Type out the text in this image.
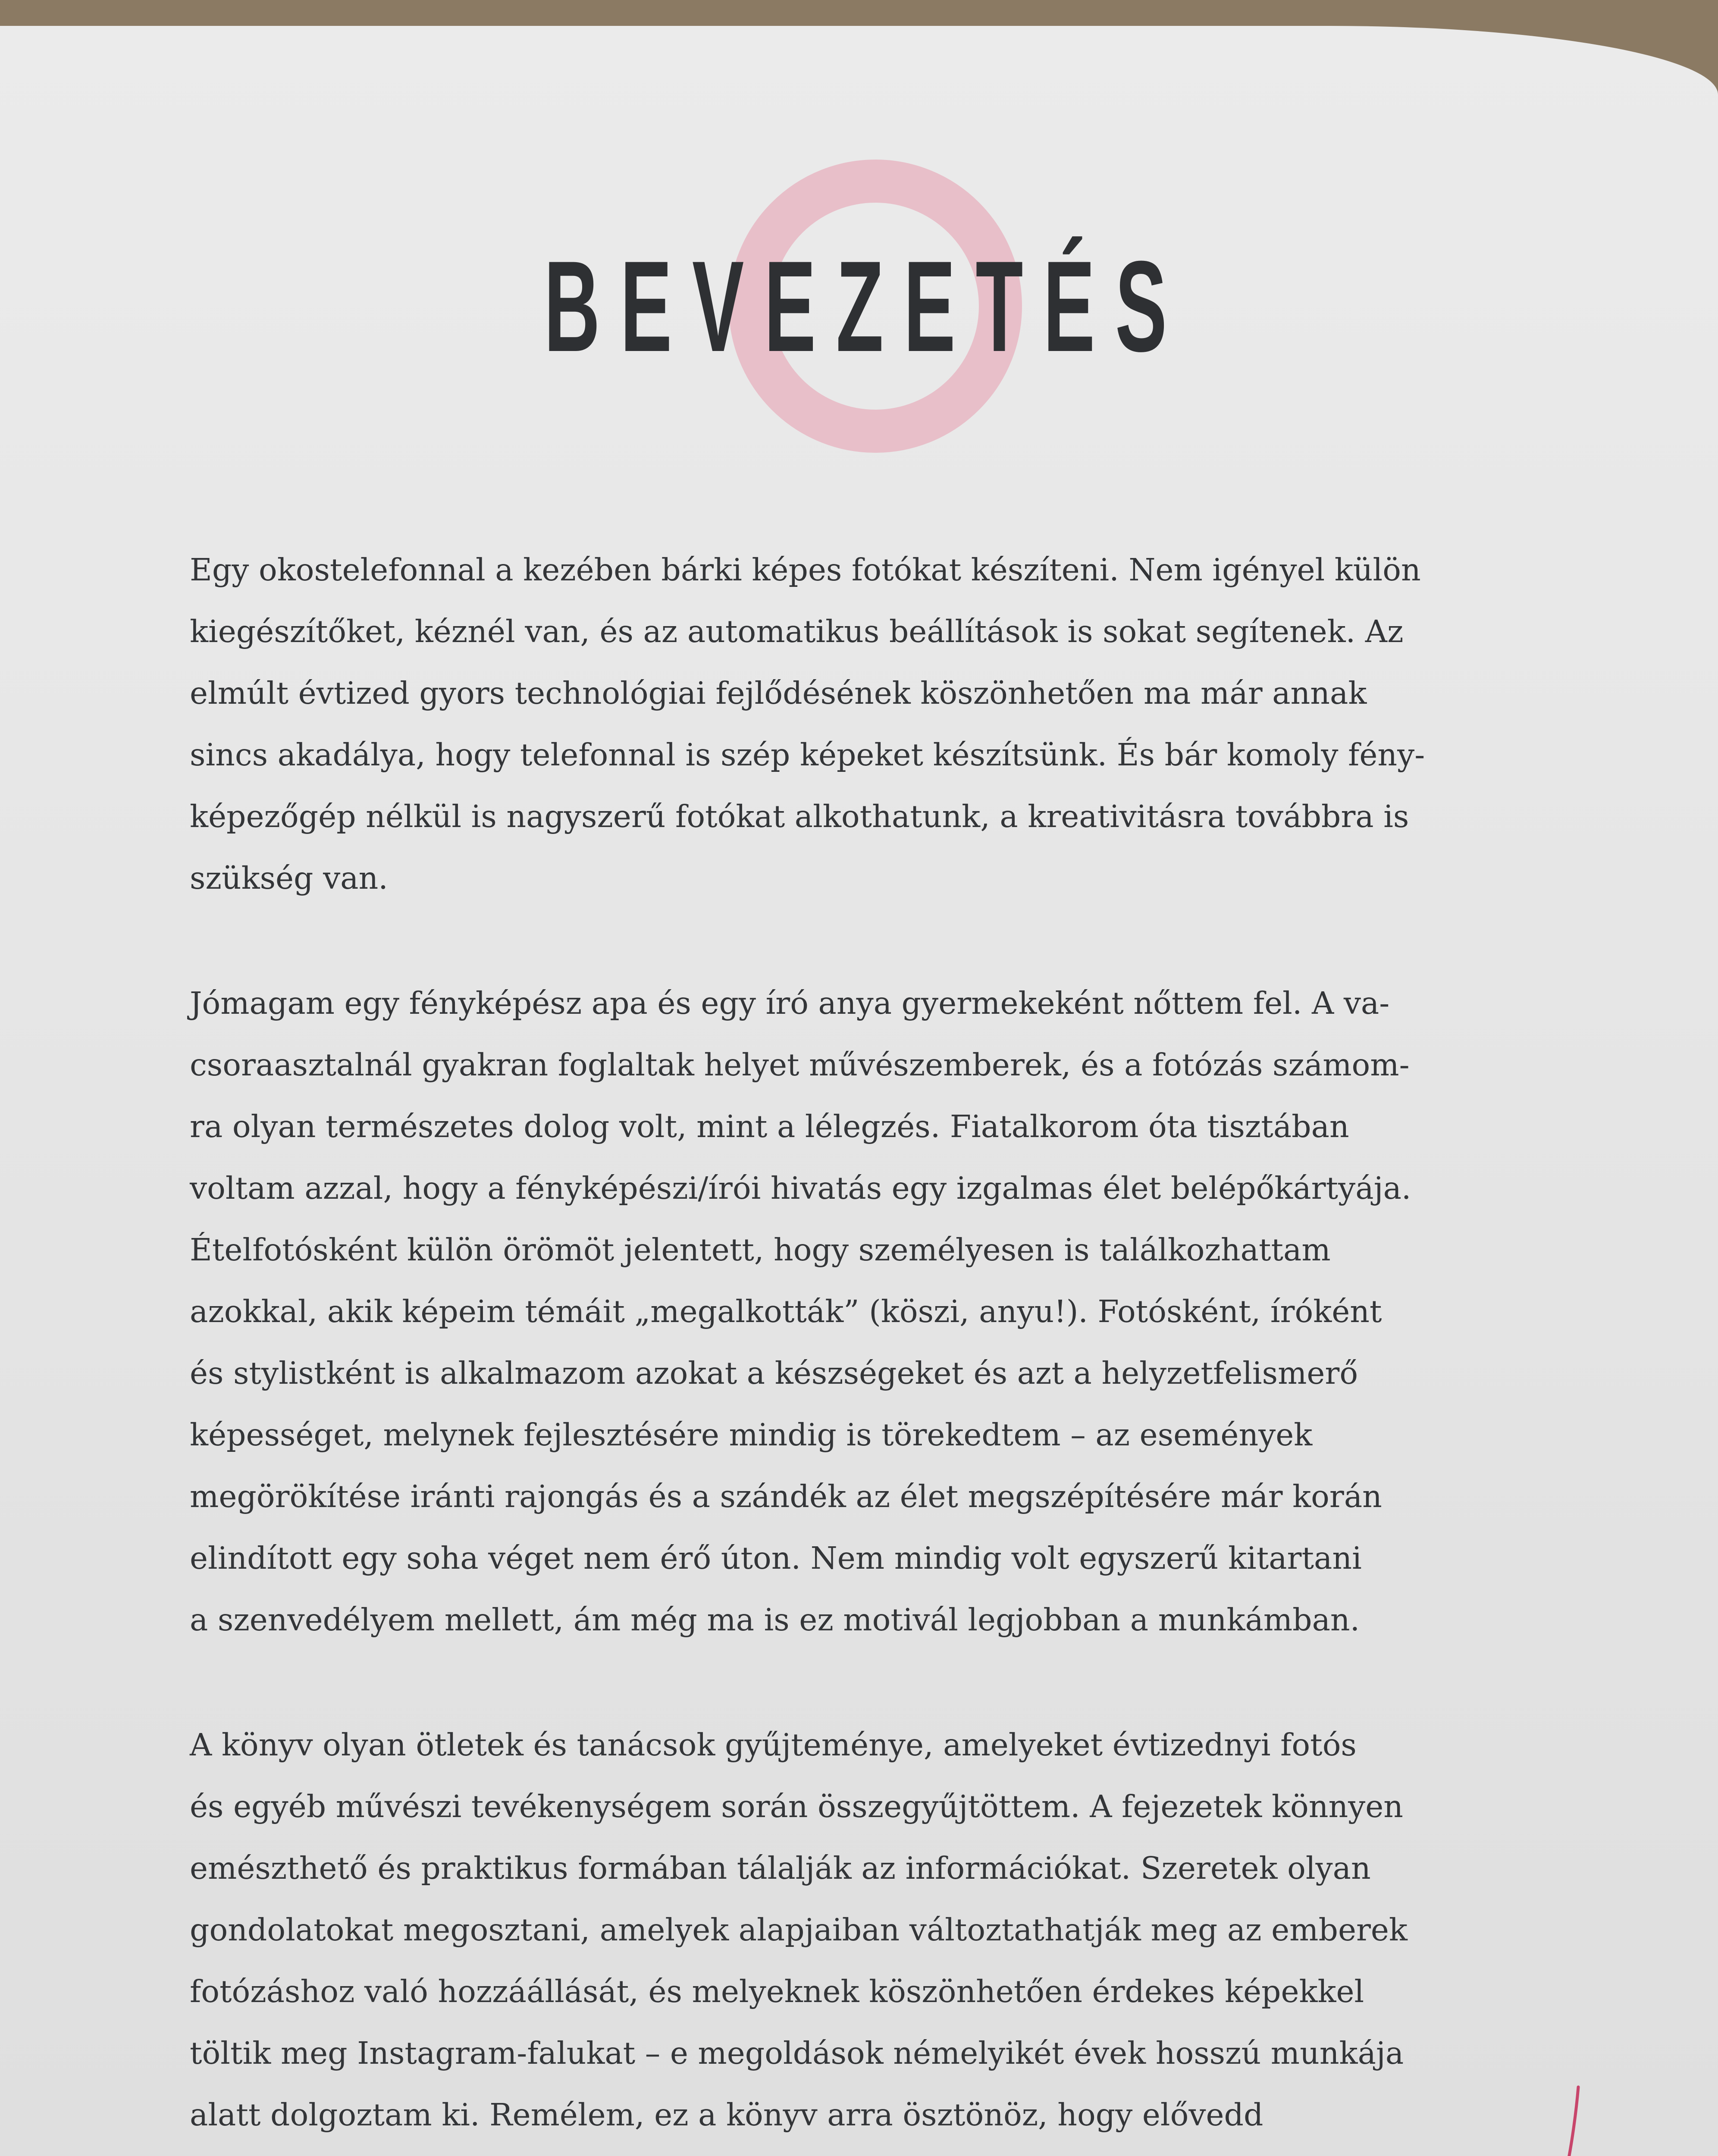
BEVEZETÉS

Egy okostelefonnal a kezében bárki képes fotókat készíteni. Nem igényel külön
kiegészítőket, kéznél van, és az automatikus beállítások is sokat segítenek. Az
elmúlt évtized gyors technológiai fejlődésének köszönhetően ma már annak
sincs akadálya, hogy telefonnal is szép képeket készítsünk. És bár komoly fény-
képezőgép nélkül is nagyszerű fotókat alkothatunk, a kreativitásra továbbra is
szükség van.

Jómagam egy fényképész apa és egy író anya gyermekeként nőttem fel. A va-
csoraasztalnál gyakran foglaltak helyet művészemberek, és a fotózás számom-
ra olyan természetes dolog volt, mint a lélegzés. Fiatalkorom óta tisztában
voltam azzal, hogy a fényképészi/írói hivatás egy izgalmas élet belépőkártyája.
Ételfotósként külön örömöt jelentett, hogy személyesen is találkozhattam
azokkal, akik képeim témáit „megalkották” (köszi, anyu!). Fotósként, íróként
és stylistként is alkalmazom azokat a készségeket és azt a helyzetfelismerő
képességet, melynek fejlesztésére mindig is törekedtem – az események
megörökítése iránti rajongás és a szándék az élet megszépítésére már korán
elindított egy soha véget nem érő úton. Nem mindig volt egyszerű kitartani
a szenvedélyem mellett, ám még ma is ez motivál legjobban a munkámban.

A könyv olyan ötletek és tanácsok gyűjteménye, amelyeket évtizednyi fotós
és egyéb művészi tevékenységem során összegyűjtöttem. A fejezetek könnyen
emészthető és praktikus formában tálalják az információkat. Szeretek olyan
gondolatokat megosztani, amelyek alapjaiban változtathatják meg az emberek
fotózáshoz való hozzáállását, és melyeknek köszönhetően érdekes képekkel
töltik meg Instagram-falukat – e megoldások némelyikét évek hosszú munkája
alatt dolgoztam ki. Remélem, ez a könyv arra ösztönöz, hogy elővedd
